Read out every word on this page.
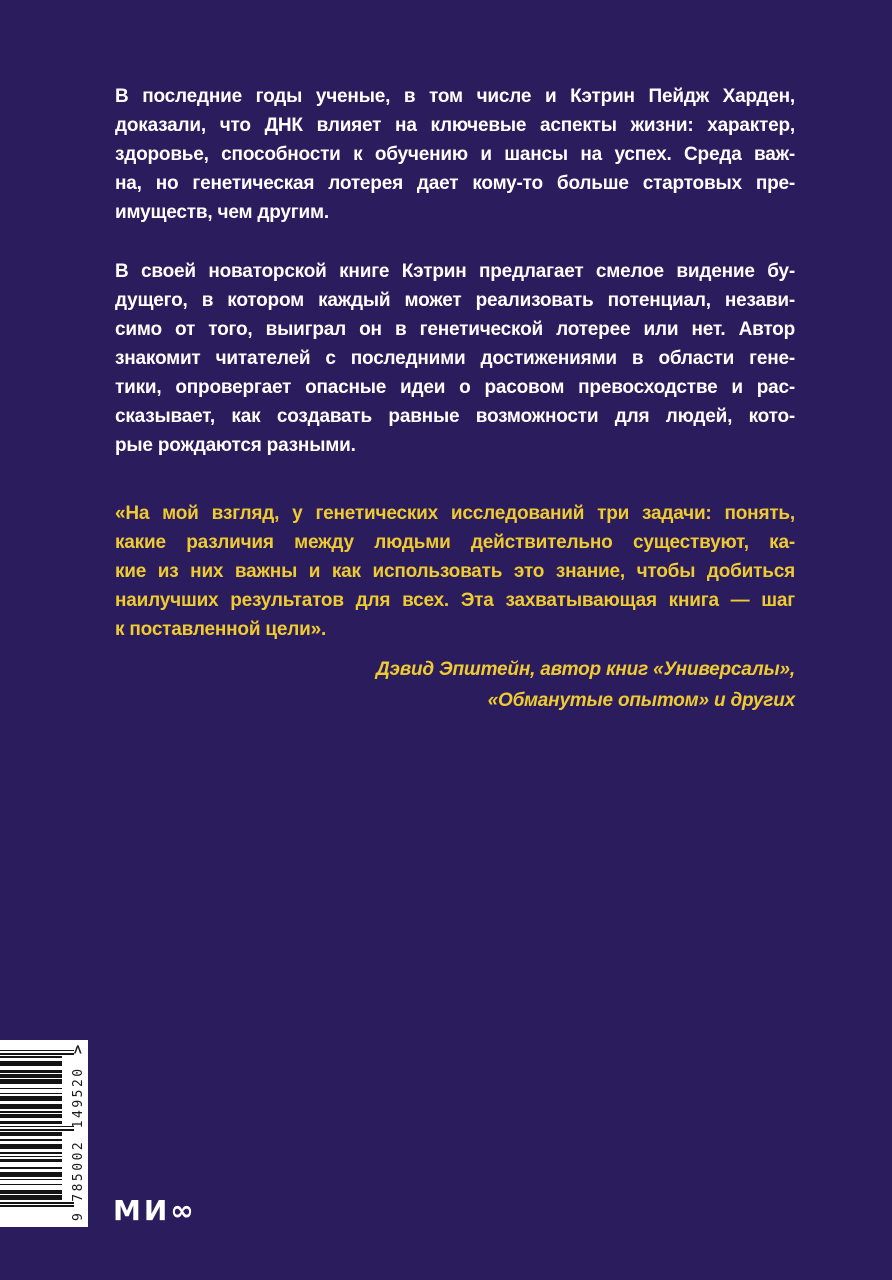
В последние годы ученые, в том числе и Кэтрин Пейдж Харден,
доказали, что ДНК влияет на ключевые аспекты жизни: характер,
здоровье, способности к обучению и шансы на успех. Среда важ-
на, но генетическая лотерея дает кому-то больше стартовых пре-
имуществ, чем другим.
В своей новаторской книге Кэтрин предлагает смелое видение бу-
дущего, в котором каждый может реализовать потенциал, незави-
симо от того, выиграл он в генетической лотерее или нет. Автор
знакомит читателей с последними достижениями в области гене-
тики, опровергает опасные идеи о расовом превосходстве и рас-
сказывает, как создавать равные возможности для людей, кото-
рые рождаются разными.
«На мой взгляд, у генетических исследований три задачи: понять,
какие различия между людьми действительно существуют, ка-
кие из них важны и как использовать это знание, чтобы добиться
наилучших результатов для всех. Эта захватывающая книга — шаг
к поставленной цели».
Дэвид Эпштейн, автор книг «Универсалы»,
«Обманутые опытом» и других
9
785002
149520
>
МИ∞
